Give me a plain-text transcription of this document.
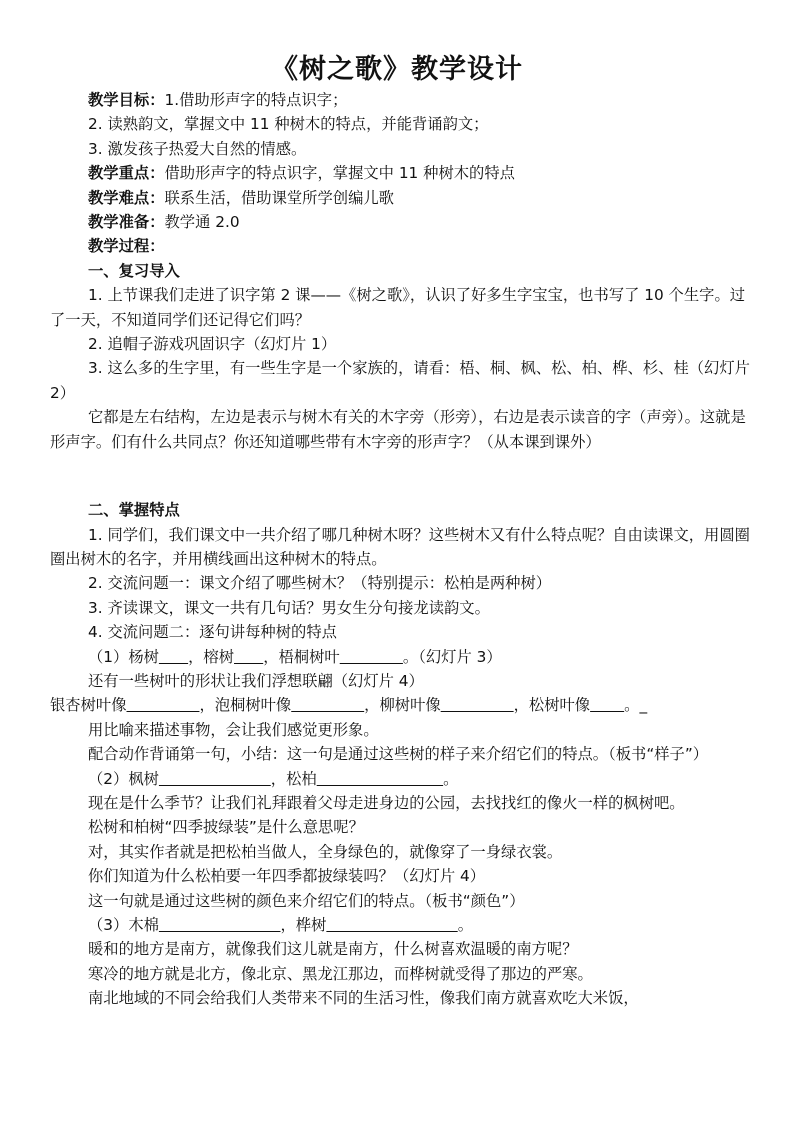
《树之歌》教学设计

教学目标：1.借助形声字的特点识字；

2. 读熟韵文，掌握文中 11 种树木的特点，并能背诵韵文；

3. 激发孩子热爱大自然的情感。

教学重点：借助形声字的特点识字，掌握文中 11 种树木的特点

教学难点：联系生活，借助课堂所学创编儿歌

教学准备：教学通 2.0

教学过程：

一、复习导入

1. 上节课我们走进了识字第 2 课——《树之歌》，认识了好多生字宝宝，也书写了 10 个生字。过了一天，不知道同学们还记得它们吗？

2. 追帽子游戏巩固识字（幻灯片 1）

3. 这么多的生字里，有一些生字是一个家族的，请看：梧、桐、枫、松、柏、桦、杉、桂（幻灯片 2）

它都是左右结构，左边是表示与树木有关的木字旁（形旁），右边是表示读音的字（声旁）。这就是形声字。们有什么共同点？你还知道哪些带有木字旁的形声字？（从本课到课外）

二、掌握特点

1. 同学们，我们课文中一共介绍了哪几种树木呀？这些树木又有什么特点呢？自由读课文，用圆圈圈出树木的名字，并用横线画出这种树木的特点。

2. 交流问题一：课文介绍了哪些树木？（特别提示：松柏是两种树）

3. 齐读课文，课文一共有几句话？男女生分句接龙读韵文。

4. 交流问题二：逐句讲每种树的特点

（1）杨树 ，榕树 ，梧桐树叶	。（幻灯片 3）

还有一些树叶的形状让我们浮想联翩（幻灯片 4）

银杏树叶像	，泡桐树叶像	，柳树叶像	，松树叶像 。_

用比喻来描述事物，会让我们感觉更形象。

配合动作背诵第一句，小结：这一句是通过这些树的样子来介绍它们的特点。（板书“样子”）

（2）枫树	，松柏	。

现在是什么季节？让我们礼拜跟着父母走进身边的公园，去找找红的像火一样的枫树吧。

松树和柏树“四季披绿装”是什么意思呢？

对，其实作者就是把松柏当做人，全身绿色的，就像穿了一身绿衣裳。

你们知道为什么松柏要一年四季都披绿装吗？（幻灯片 4）

这一句就是通过这些树的颜色来介绍它们的特点。（板书“颜色”）

（3）木棉	，桦树	。

暖和的地方是南方，就像我们这儿就是南方，什么树喜欢温暖的南方呢？

寒冷的地方就是北方，像北京、黑龙江那边，而桦树就受得了那边的严寒。

南北地域的不同会给我们人类带来不同的生活习性，像我们南方就喜欢吃大米饭，
